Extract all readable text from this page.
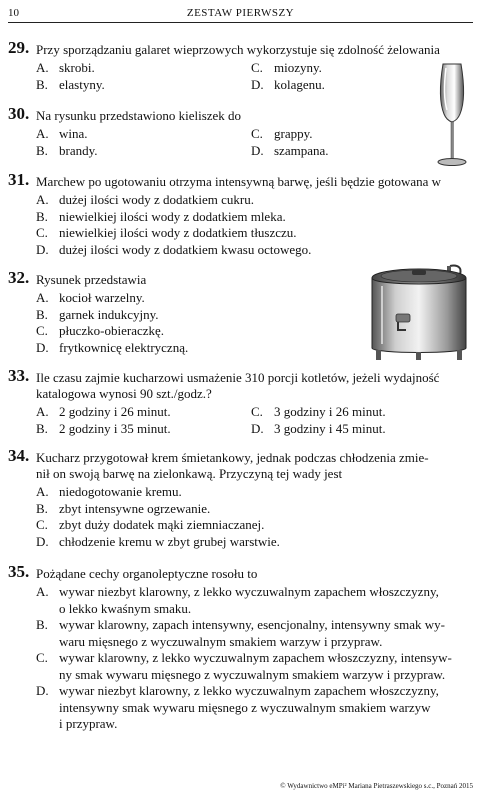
10	ZESTAW PIERWSZY
29. Przy sporządzaniu galaret wieprzowych wykorzystuje się zdolność żelowania
A. skrobi.	C. miozyny.
B. elastyny.	D. kolagenu.
30. Na rysunku przedstawiono kieliszek do
A. wina.	C. grappy.
B. brandy.	D. szampana.
31. Marchew po ugotowaniu otrzyma intensywną barwę, jeśli będzie gotowana w
A. dużej ilości wody z dodatkiem cukru.
B. niewielkiej ilości wody z dodatkiem mleka.
C. niewielkiej ilości wody z dodatkiem tłuszczu.
D. dużej ilości wody z dodatkiem kwasu octowego.
32. Rysunek przedstawia
A. kocioł warzelny.
B. garnek indukcyjny.
C. płuczko-obieraczkę.
D. frytkownicę elektryczną.
33. Ile czasu zajmie kucharzowi usmażenie 310 porcji kotletów, jeżeli wydajność
katalogowa wynosi 90 szt./godz.?
A. 2 godziny i 26 minut.	C. 3 godziny i 26 minut.
B. 2 godziny i 35 minut.	D. 3 godziny i 45 minut.
34. Kucharz przygotował krem śmietankowy, jednak podczas chłodzenia zmie-
nił on swoją barwę na zielonkawą. Przyczyną tej wady jest
A. niedogotowanie kremu.
B. zbyt intensywne ogrzewanie.
C. zbyt duży dodatek mąki ziemniaczanej.
D. chłodzenie kremu w zbyt grubej warstwie.
35. Pożądane cechy organoleptyczne rosołu to
A. wywar niezbyt klarowny, z lekko wyczuwalnym zapachem włoszczyzny,
o lekko kwaśnym smaku.
B. wywar klarowny, zapach intensywny, esencjonalny, intensywny smak wy-
waru mięsnego z wyczuwalnym smakiem warzyw i przypraw.
C. wywar klarowny, z lekko wyczuwalnym zapachem włoszczyzny, intensyw-
ny smak wywaru mięsnego z wyczuwalnym smakiem warzyw i przypraw.
D. wywar niezbyt klarowny, z lekko wyczuwalnym zapachem włoszczyzny,
intensywny smak wywaru mięsnego z wyczuwalnym smakiem warzyw
i przypraw.
© Wydawnictwo eMPi² Mariana Pietraszewskiego s.c., Poznań 2015
